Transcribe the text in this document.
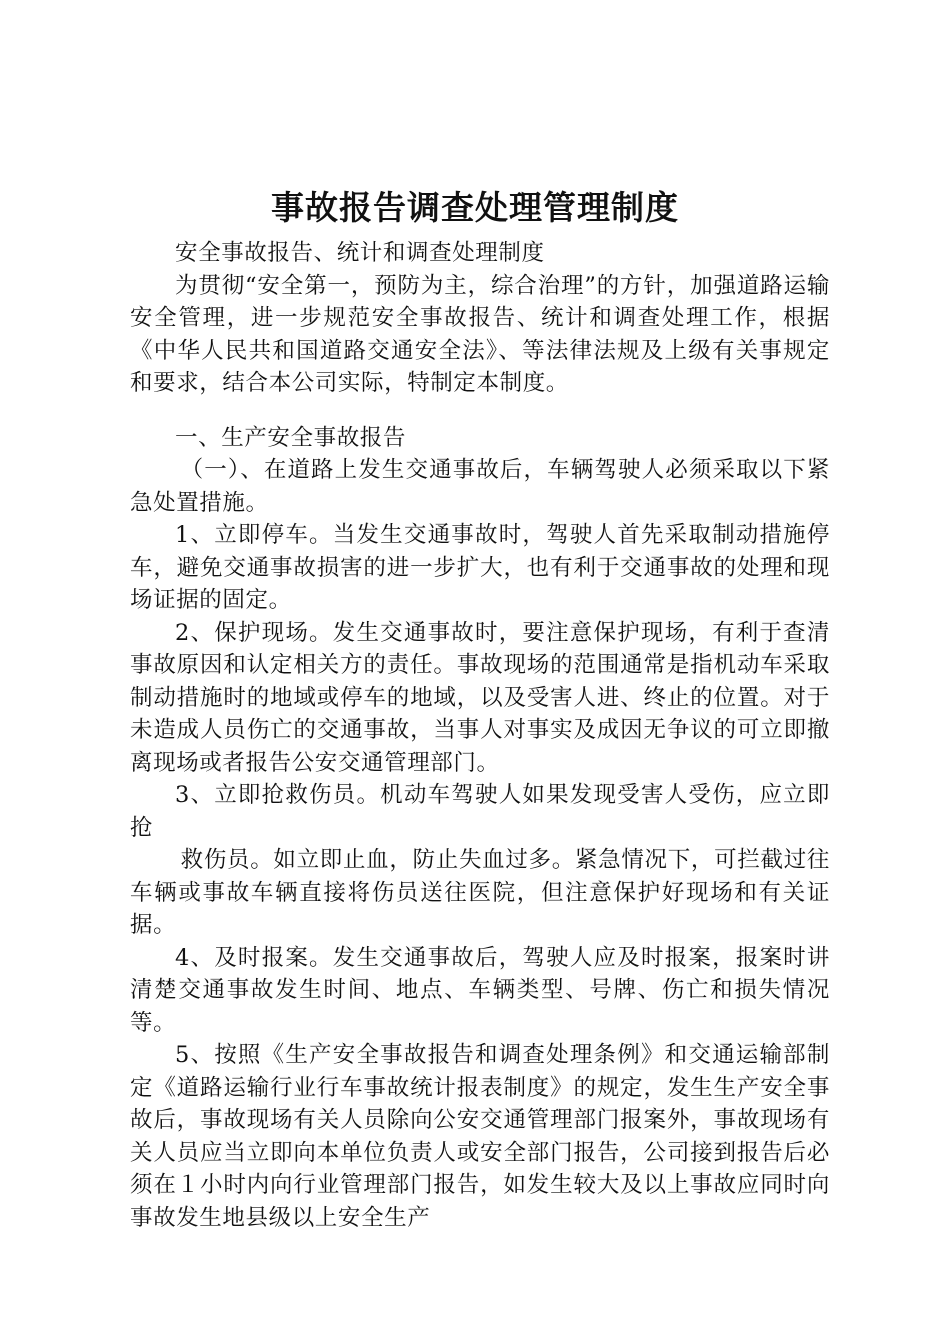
事故报告调查处理管理制度

安全事故报告、统计和调查处理制度

为贯彻“安全第一，预防为主，综合治理”的方针，加强道路运输安全管理，进一步规范安全事故报告、统计和调查处理工作，根据《中华人民共和国道路交通安全法》、等法律法规及上级有关事规定和要求，结合本公司实际，特制定本制度。

一、生产安全事故报告

（一）、在道路上发生交通事故后，车辆驾驶人必须采取以下紧急处置措施。

1、立即停车。当发生交通事故时，驾驶人首先采取制动措施停车，避免交通事故损害的进一步扩大，也有利于交通事故的处理和现场证据的固定。

2、保护现场。发生交通事故时，要注意保护现场，有利于查清事故原因和认定相关方的责任。事故现场的范围通常是指机动车采取制动措施时的地域或停车的地域，以及受害人进、终止的位置。对于未造成人员伤亡的交通事故，当事人对事实及成因无争议的可立即撤离现场或者报告公安交通管理部门。

3、立即抢救伤员。机动车驾驶人如果发现受害人受伤，应立即抢

救伤员。如立即止血，防止失血过多。紧急情况下，可拦截过往车辆或事故车辆直接将伤员送往医院，但注意保护好现场和有关证据。

4、及时报案。发生交通事故后，驾驶人应及时报案，报案时讲清楚交通事故发生时间、地点、车辆类型、号牌、伤亡和损失情况等。

5、按照《生产安全事故报告和调查处理条例》和交通运输部制定《道路运输行业行车事故统计报表制度》的规定，发生生产安全事故后，事故现场有关人员除向公安交通管理部门报案外，事故现场有关人员应当立即向本单位负责人或安全部门报告，公司接到报告后必须在１小时内向行业管理部门报告，如发生较大及以上事故应同时向事故发生地县级以上安全生产
